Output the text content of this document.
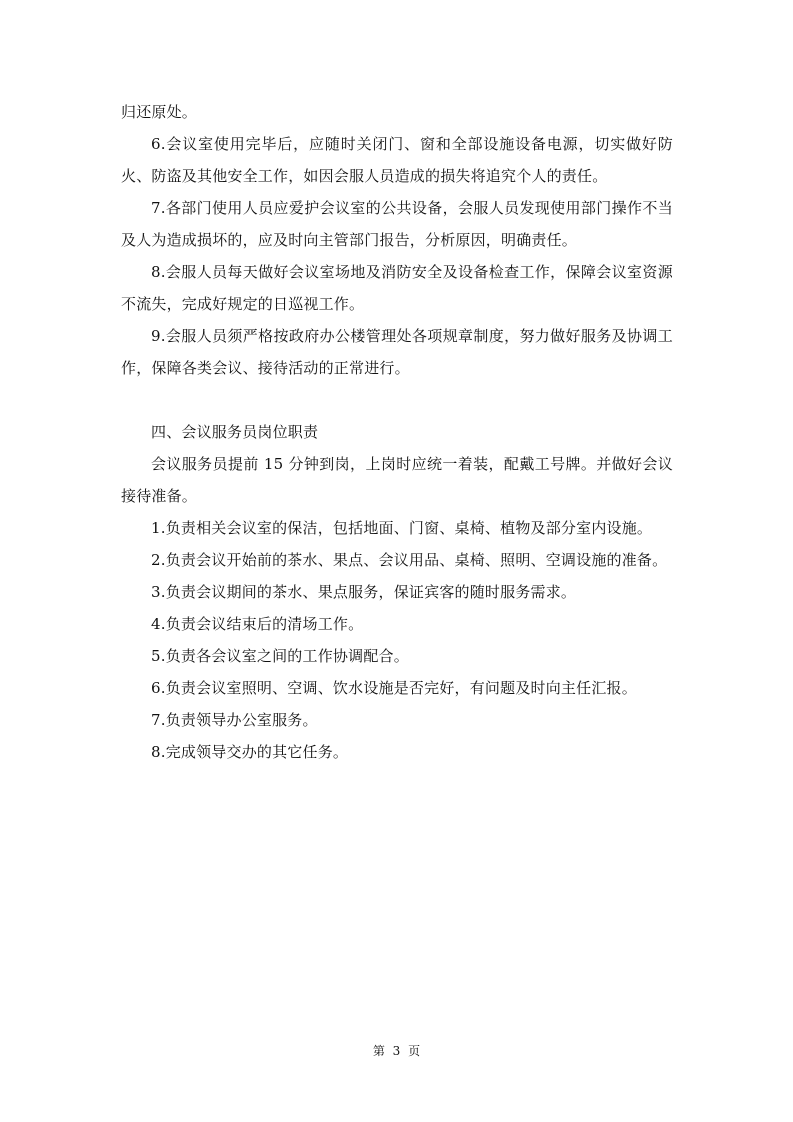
归还原处。

6.会议室使用完毕后，应随时关闭门、窗和全部设施设备电源，切实做好防火、防盗及其他安全工作，如因会服人员造成的损失将追究个人的责任。

7.各部门使用人员应爱护会议室的公共设备，会服人员发现使用部门操作不当及人为造成损坏的，应及时向主管部门报告，分析原因，明确责任。

8.会服人员每天做好会议室场地及消防安全及设备检查工作，保障会议室资源不流失，完成好规定的日巡视工作。

9.会服人员须严格按政府办公楼管理处各项规章制度，努力做好服务及协调工作，保障各类会议、接待活动的正常进行。

四、会议服务员岗位职责

会议服务员提前 15 分钟到岗，上岗时应统一着装，配戴工号牌。并做好会议接待准备。

1.负责相关会议室的保洁，包括地面、门窗、桌椅、植物及部分室内设施。

2.负责会议开始前的茶水、果点、会议用品、桌椅、照明、空调设施的准备。

3.负责会议期间的茶水、果点服务，保证宾客的随时服务需求。

4.负责会议结束后的清场工作。

5.负责各会议室之间的工作协调配合。

6.负责会议室照明、空调、饮水设施是否完好，有问题及时向主任汇报。

7.负责领导办公室服务。

8.完成领导交办的其它任务。

第 3 页
